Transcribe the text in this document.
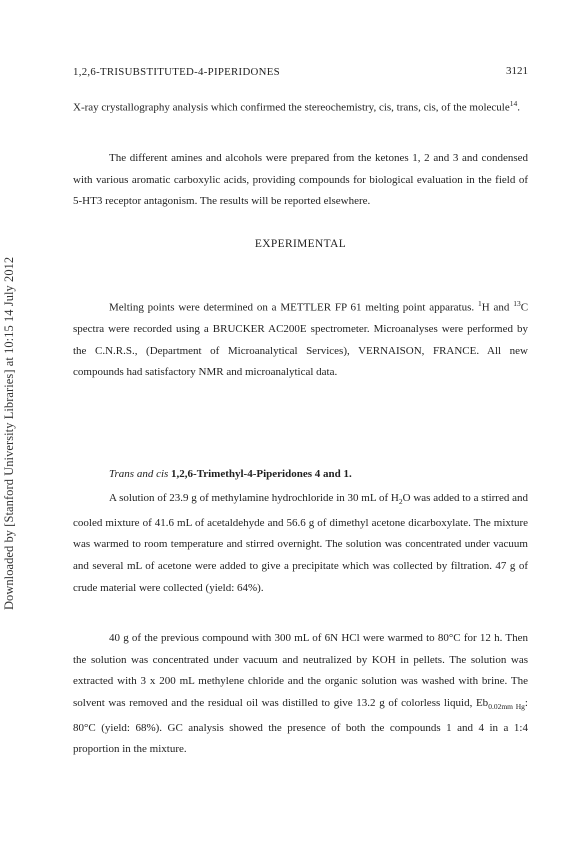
Downloaded by [Stanford University Libraries] at 10:15 14 July 2012
1,2,6-TRISUBSTITUTED-4-PIPERIDONES	3121

X-ray crystallography analysis which confirmed the stereochemistry, cis, trans, cis, of the molecule$^{14}$.

The different amines and alcohols were prepared from the ketones 1, 2 and 3 and condensed with various aromatic carboxylic acids, providing compounds for biological evaluation in the field of 5-HT3 receptor antagonism. The results will be reported elsewhere.

EXPERIMENTAL

Melting points were determined on a METTLER FP 61 melting point apparatus. $^1$H and $^{13}$C spectra were recorded using a BRUCKER AC200E spectrometer. Microanalyses were performed by the C.N.R.S., (Department of Microanalytical Services), VERNAISON, FRANCE. All new compounds had satisfactory NMR and microanalytical data.

Trans and cis 1,2,6-Trimethyl-4-Piperidones 4 and 1.

A solution of 23.9 g of methylamine hydrochloride in 30 mL of $H_2O$ was added to a stirred and cooled mixture of 41.6 mL of acetaldehyde and 56.6 g of dimethyl acetone dicarboxylate. The mixture was warmed to room temperature and stirred overnight. The solution was concentrated under vacuum and several mL of acetone were added to give a precipitate which was collected by filtration. 47 g of crude material were collected (yield: 64%).

40 g of the previous compound with 300 mL of 6N HCl were warmed to 80°C for 12 h. Then the solution was concentrated under vacuum and neutralized by KOH in pellets. The solution was extracted with 3 x 200 mL methylene chloride and the organic solution was washed with brine. The solvent was removed and the residual oil was distilled to give 13.2 g of colorless liquid, $Eb_{0.02mm Hg}$: 80°C (yield: 68%). GC analysis showed the presence of both the compounds 1 and 4 in a 1:4 proportion in the mixture.
